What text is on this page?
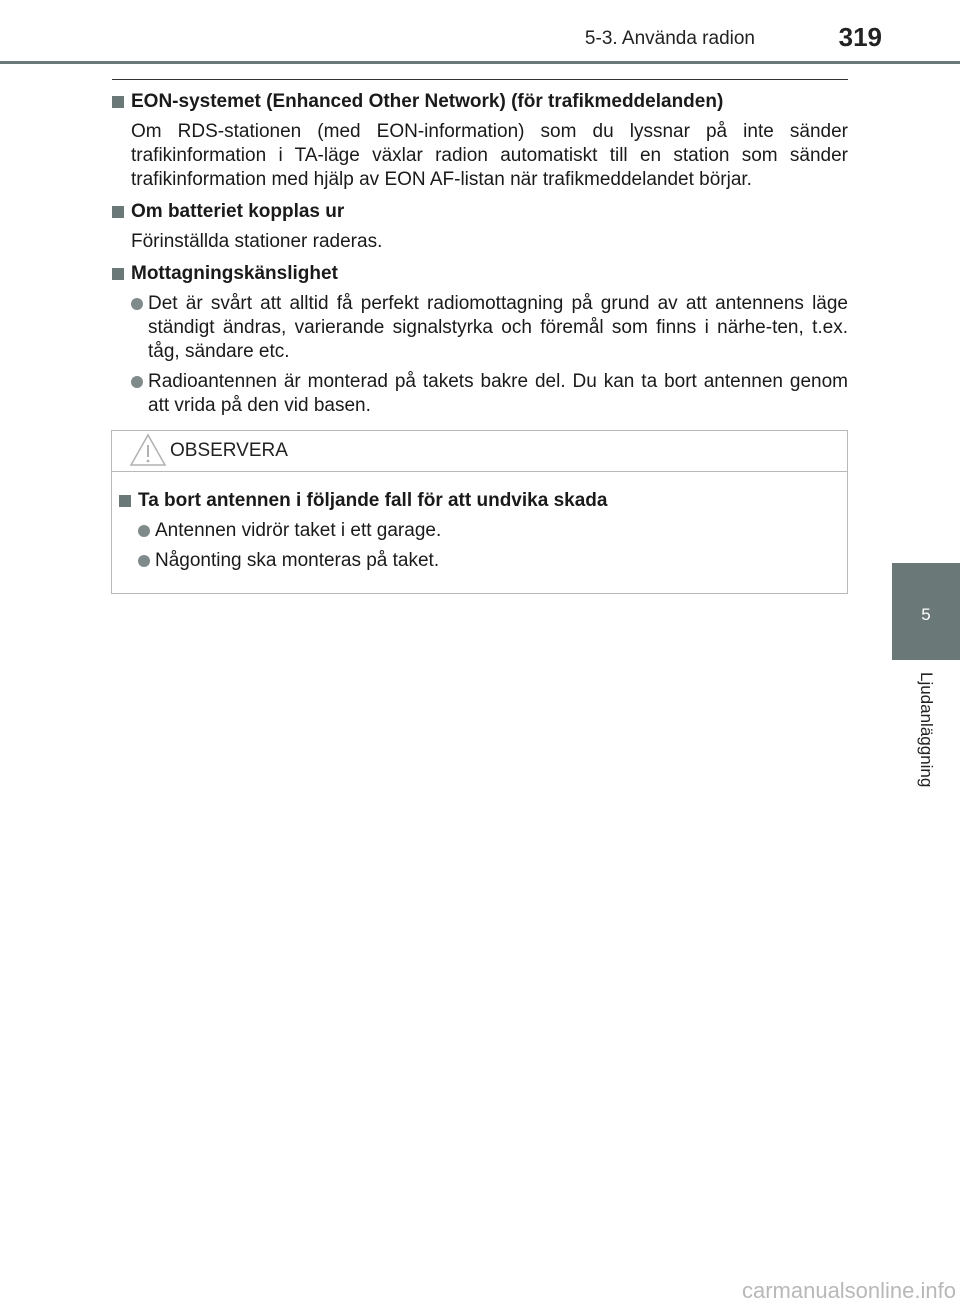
5-3. Använda radion	319
5
Ljudanläggning
EON-systemet (Enhanced Other Network) (för trafikmeddelanden)
Om RDS-stationen (med EON-information) som du lyssnar på inte sänder trafikinformation i TA-läge växlar radion automatiskt till en station som sänder trafikinformation med hjälp av EON AF-listan när trafikmeddelandet börjar.
Om batteriet kopplas ur
Förinställda stationer raderas.
Mottagningskänslighet
Det är svårt att alltid få perfekt radiomottagning på grund av att antennens läge ständigt ändras, varierande signalstyrka och föremål som finns i närhe-ten, t.ex. tåg, sändare etc.
Radioantennen är monterad på takets bakre del. Du kan ta bort antennen genom att vrida på den vid basen.
OBSERVERA
Ta bort antennen i följande fall för att undvika skada
Antennen vidrör taket i ett garage.
Någonting ska monteras på taket.
carmanualsonline.info
